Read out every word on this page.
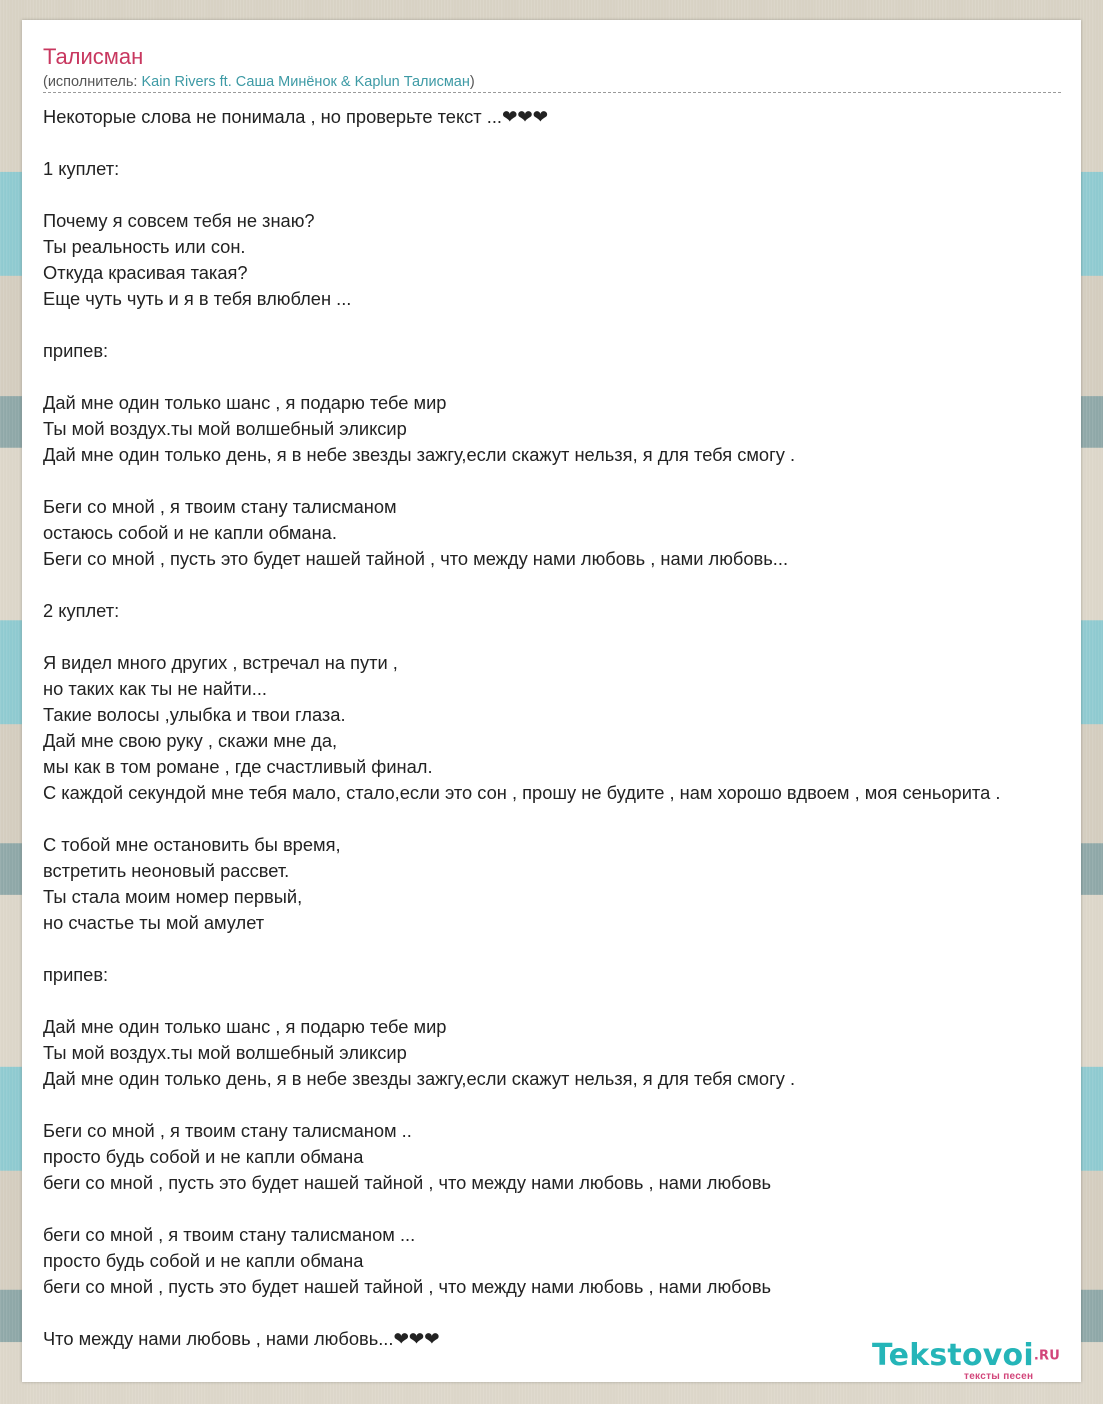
Талисман
(исполнитель: Kain Rivers ft. Саша Минёнок & Kaplun Талисман)
Некоторые слова не понимала , но проверьте текст ...❤❤❤
1 куплет:
Почему я совсем тебя не знаю?
Ты реальность или сон.
Откуда красивая такая?
Еще чуть чуть и я в тебя влюблен ...
припев:
Дай мне один только шанс , я подарю тебе мир
Ты мой воздух.ты мой волшебный эликсир
Дай мне один только день, я в небе звезды зажгу,если скажут нельзя, я для тебя смогу .
Беги со мной , я твоим стану талисманом
остаюсь собой и не капли обмана.
Беги со мной , пусть это будет нашей тайной , что между нами любовь , нами любовь...
2 куплет:
Я видел много других , встречал на пути ,
но таких как ты не найти...
Такие волосы ,улыбка и твои глаза.
Дай мне свою руку , скажи мне да,
мы как в том романе , где счастливый финал.
С каждой секундой мне тебя мало, стало,если это сон , прошу не будите , нам хорошо вдвоем , моя сеньорита .
С тобой мне остановить бы время,
встретить неоновый рассвет.
Ты стала моим номер первый,
но счастье ты мой амулет
припев:
Дай мне один только шанс , я подарю тебе мир
Ты мой воздух.ты мой волшебный эликсир
Дай мне один только день, я в небе звезды зажгу,если скажут нельзя, я для тебя смогу .
Беги со мной , я твоим стану талисманом ..
просто будь собой и не капли обмана
беги со мной , пусть это будет нашей тайной , что между нами любовь , нами любовь
беги со мной , я твоим стану талисманом ...
просто будь собой и не капли обмана
беги со мной , пусть это будет нашей тайной , что между нами любовь , нами любовь
Что между нами любовь , нами любовь...❤❤❤	Tekstovoi.RU
тексты песен
